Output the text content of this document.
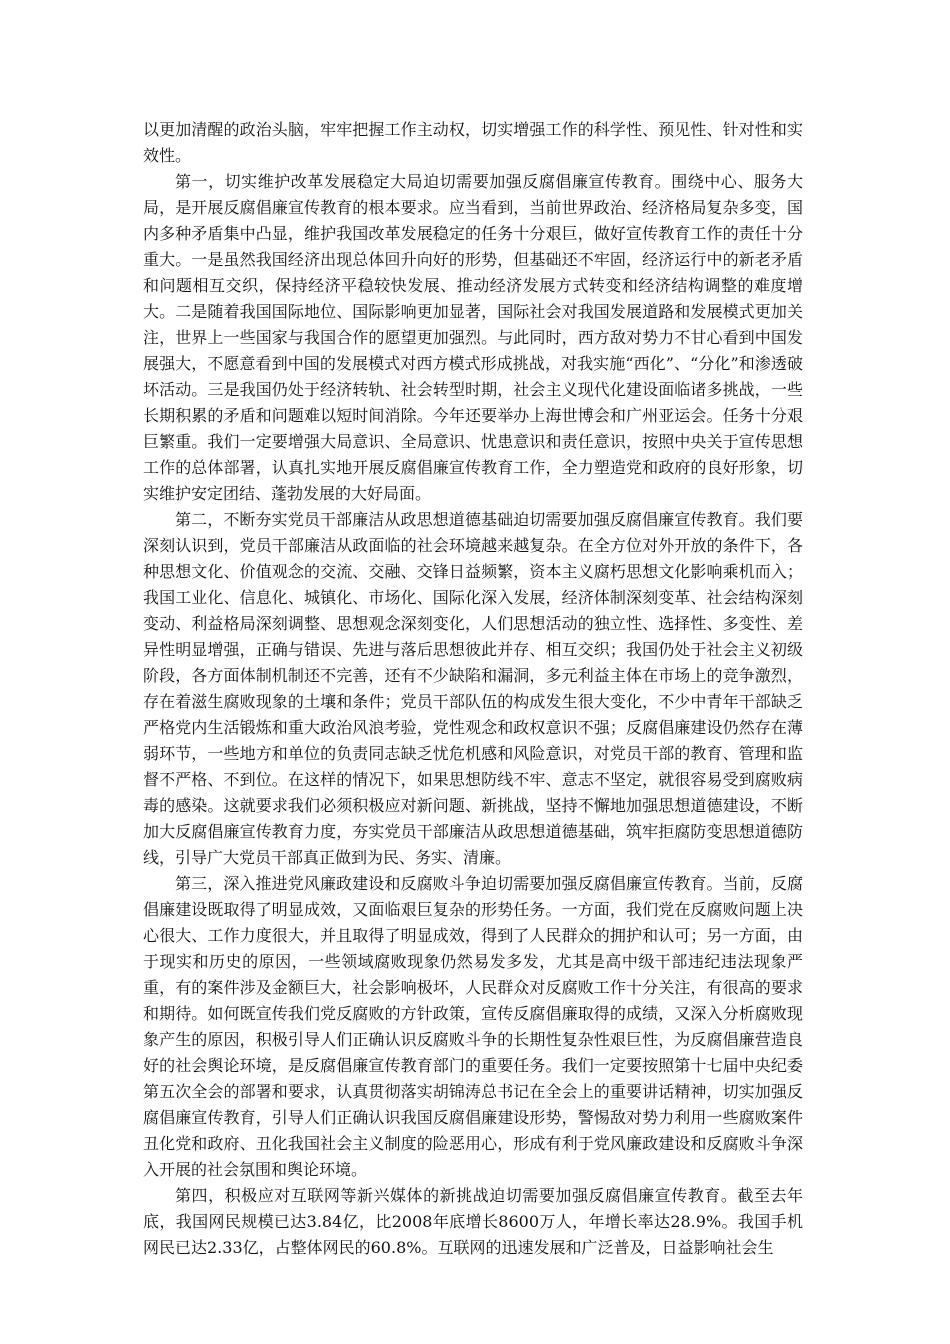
以更加清醒的政治头脑，牢牢把握工作主动权，切实增强工作的科学性、预见性、针对性和实效性。

第一，切实维护改革发展稳定大局迫切需要加强反腐倡廉宣传教育。围绕中心、服务大局，是开展反腐倡廉宣传教育的根本要求。应当看到，当前世界政治、经济格局复杂多变，国内多种矛盾集中凸显，维护我国改革发展稳定的任务十分艰巨，做好宣传教育工作的责任十分重大。一是虽然我国经济出现总体回升向好的形势，但基础还不牢固，经济运行中的新老矛盾和问题相互交织，保持经济平稳较快发展、推动经济发展方式转变和经济结构调整的难度增大。二是随着我国国际地位、国际影响更加显著，国际社会对我国发展道路和发展模式更加关注，世界上一些国家与我国合作的愿望更加强烈。与此同时，西方敌对势力不甘心看到中国发展强大，不愿意看到中国的发展模式对西方模式形成挑战，对我实施“西化”、“分化”和渗透破坏活动。三是我国仍处于经济转轨、社会转型时期，社会主义现代化建设面临诸多挑战，一些长期积累的矛盾和问题难以短时间消除。今年还要举办上海世博会和广州亚运会。任务十分艰巨繁重。我们一定要增强大局意识、全局意识、忧患意识和责任意识，按照中央关于宣传思想工作的总体部署，认真扎实地开展反腐倡廉宣传教育工作，全力塑造党和政府的良好形象，切实维护安定团结、蓬勃发展的大好局面。

第二，不断夯实党员干部廉洁从政思想道德基础迫切需要加强反腐倡廉宣传教育。我们要深刻认识到，党员干部廉洁从政面临的社会环境越来越复杂。在全方位对外开放的条件下，各种思想文化、价值观念的交流、交融、交锋日益频繁，资本主义腐朽思想文化影响乘机而入；我国工业化、信息化、城镇化、市场化、国际化深入发展，经济体制深刻变革、社会结构深刻变动、利益格局深刻调整、思想观念深刻变化，人们思想活动的独立性、选择性、多变性、差异性明显增强，正确与错误、先进与落后思想彼此并存、相互交织；我国仍处于社会主义初级阶段，各方面体制机制还不完善，还有不少缺陷和漏洞，多元利益主体在市场上的竞争激烈，存在着滋生腐败现象的土壤和条件；党员干部队伍的构成发生很大变化，不少中青年干部缺乏严格党内生活锻炼和重大政治风浪考验，党性观念和政权意识不强；反腐倡廉建设仍然存在薄弱环节，一些地方和单位的负责同志缺乏忧危机感和风险意识，对党员干部的教育、管理和监督不严格、不到位。在这样的情况下，如果思想防线不牢、意志不坚定，就很容易受到腐败病毒的感染。这就要求我们必须积极应对新问题、新挑战，坚持不懈地加强思想道德建设，不断加大反腐倡廉宣传教育力度，夯实党员干部廉洁从政思想道德基础，筑牢拒腐防变思想道德防线，引导广大党员干部真正做到为民、务实、清廉。

第三，深入推进党风廉政建设和反腐败斗争迫切需要加强反腐倡廉宣传教育。当前，反腐倡廉建设既取得了明显成效，又面临艰巨复杂的形势任务。一方面，我们党在反腐败问题上决心很大、工作力度很大，并且取得了明显成效，得到了人民群众的拥护和认可；另一方面，由于现实和历史的原因，一些领域腐败现象仍然易发多发，尤其是高中级干部违纪违法现象严重，有的案件涉及金额巨大，社会影响极坏，人民群众对反腐败工作十分关注，有很高的要求和期待。如何既宣传我们党反腐败的方针政策，宣传反腐倡廉取得的成绩，又深入分析腐败现象产生的原因，积极引导人们正确认识反腐败斗争的长期性复杂性艰巨性，为反腐倡廉营造良好的社会舆论环境，是反腐倡廉宣传教育部门的重要任务。我们一定要按照第十七届中央纪委第五次全会的部署和要求，认真贯彻落实胡锦涛总书记在全会上的重要讲话精神，切实加强反腐倡廉宣传教育，引导人们正确认识我国反腐倡廉建设形势，警惕敌对势力利用一些腐败案件丑化党和政府、丑化我国社会主义制度的险恶用心，形成有利于党风廉政建设和反腐败斗争深入开展的社会氛围和舆论环境。

第四，积极应对互联网等新兴媒体的新挑战迫切需要加强反腐倡廉宣传教育。截至去年底，我国网民规模已达3.84亿，比2008年底增长8600万人，年增长率达28.9%。我国手机网民已达2.33亿，占整体网民的60.8%。互联网的迅速发展和广泛普及，日益影响社会生
